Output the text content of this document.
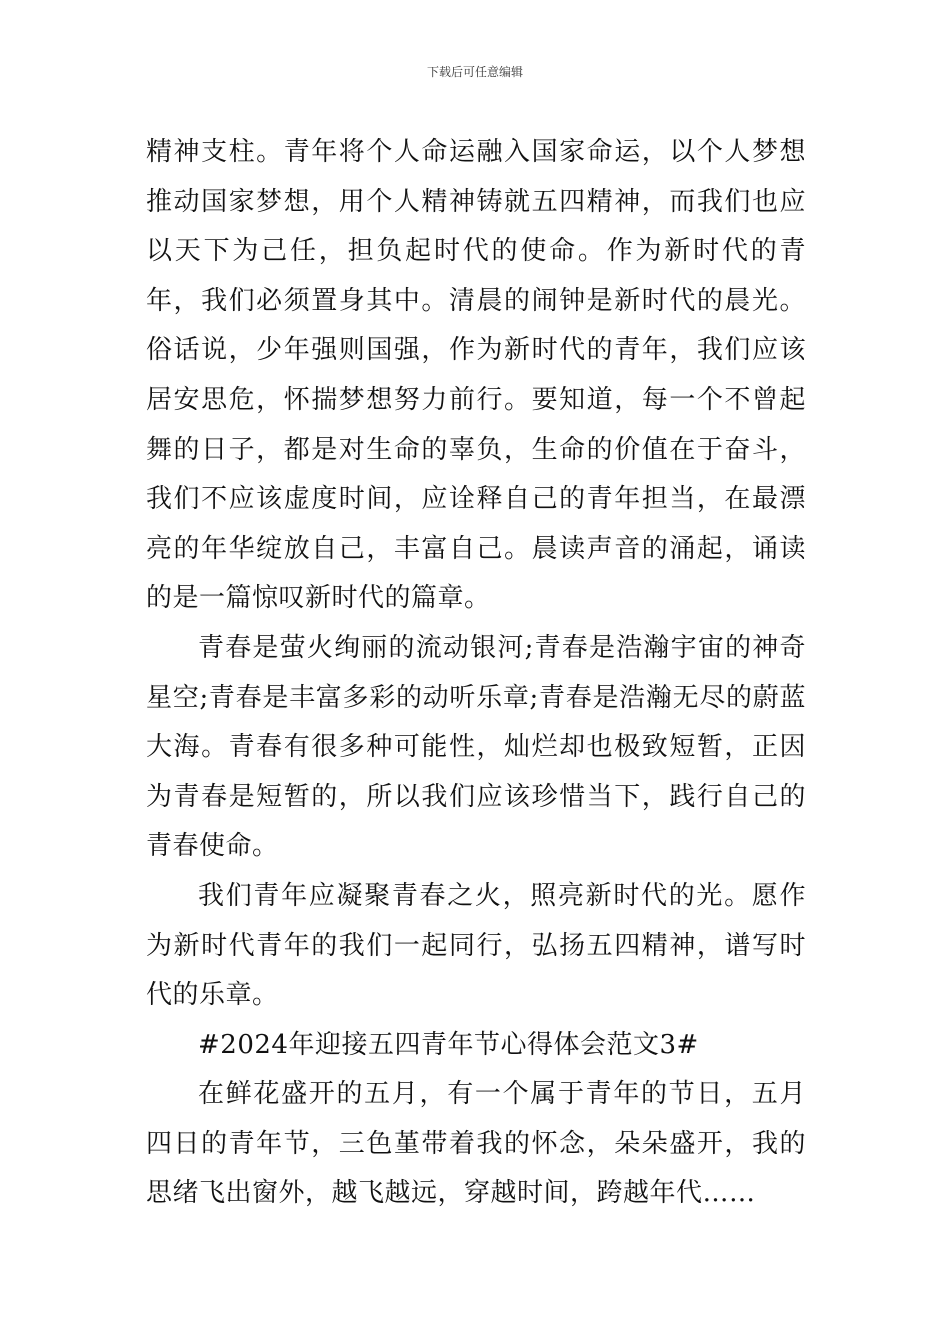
下载后可任意编辑

精神支柱。青年将个人命运融入国家命运，以个人梦想推动国家梦想，用个人精神铸就五四精神，而我们也应以天下为己任，担负起时代的使命。作为新时代的青年，我们必须置身其中。清晨的闹钟是新时代的晨光。俗话说，少年强则国强，作为新时代的青年，我们应该居安思危，怀揣梦想努力前行。要知道，每一个不曾起舞的日子，都是对生命的辜负，生命的价值在于奋斗，我们不应该虚度时间，应诠释自己的青年担当，在最漂亮的年华绽放自己，丰富自己。晨读声音的涌起，诵读的是一篇惊叹新时代的篇章。

青春是萤火绚丽的流动银河;青春是浩瀚宇宙的神奇星空;青春是丰富多彩的动听乐章;青春是浩瀚无尽的蔚蓝大海。青春有很多种可能性，灿烂却也极致短暂，正因为青春是短暂的，所以我们应该珍惜当下，践行自己的青春使命。

我们青年应凝聚青春之火，照亮新时代的光。愿作为新时代青年的我们一起同行，弘扬五四精神，谱写时代的乐章。

#2024年迎接五四青年节心得体会范文3#

在鲜花盛开的五月，有一个属于青年的节日，五月四日的青年节，三色堇带着我的怀念，朵朵盛开，我的思绪飞出窗外，越飞越远，穿越时间，跨越年代……
